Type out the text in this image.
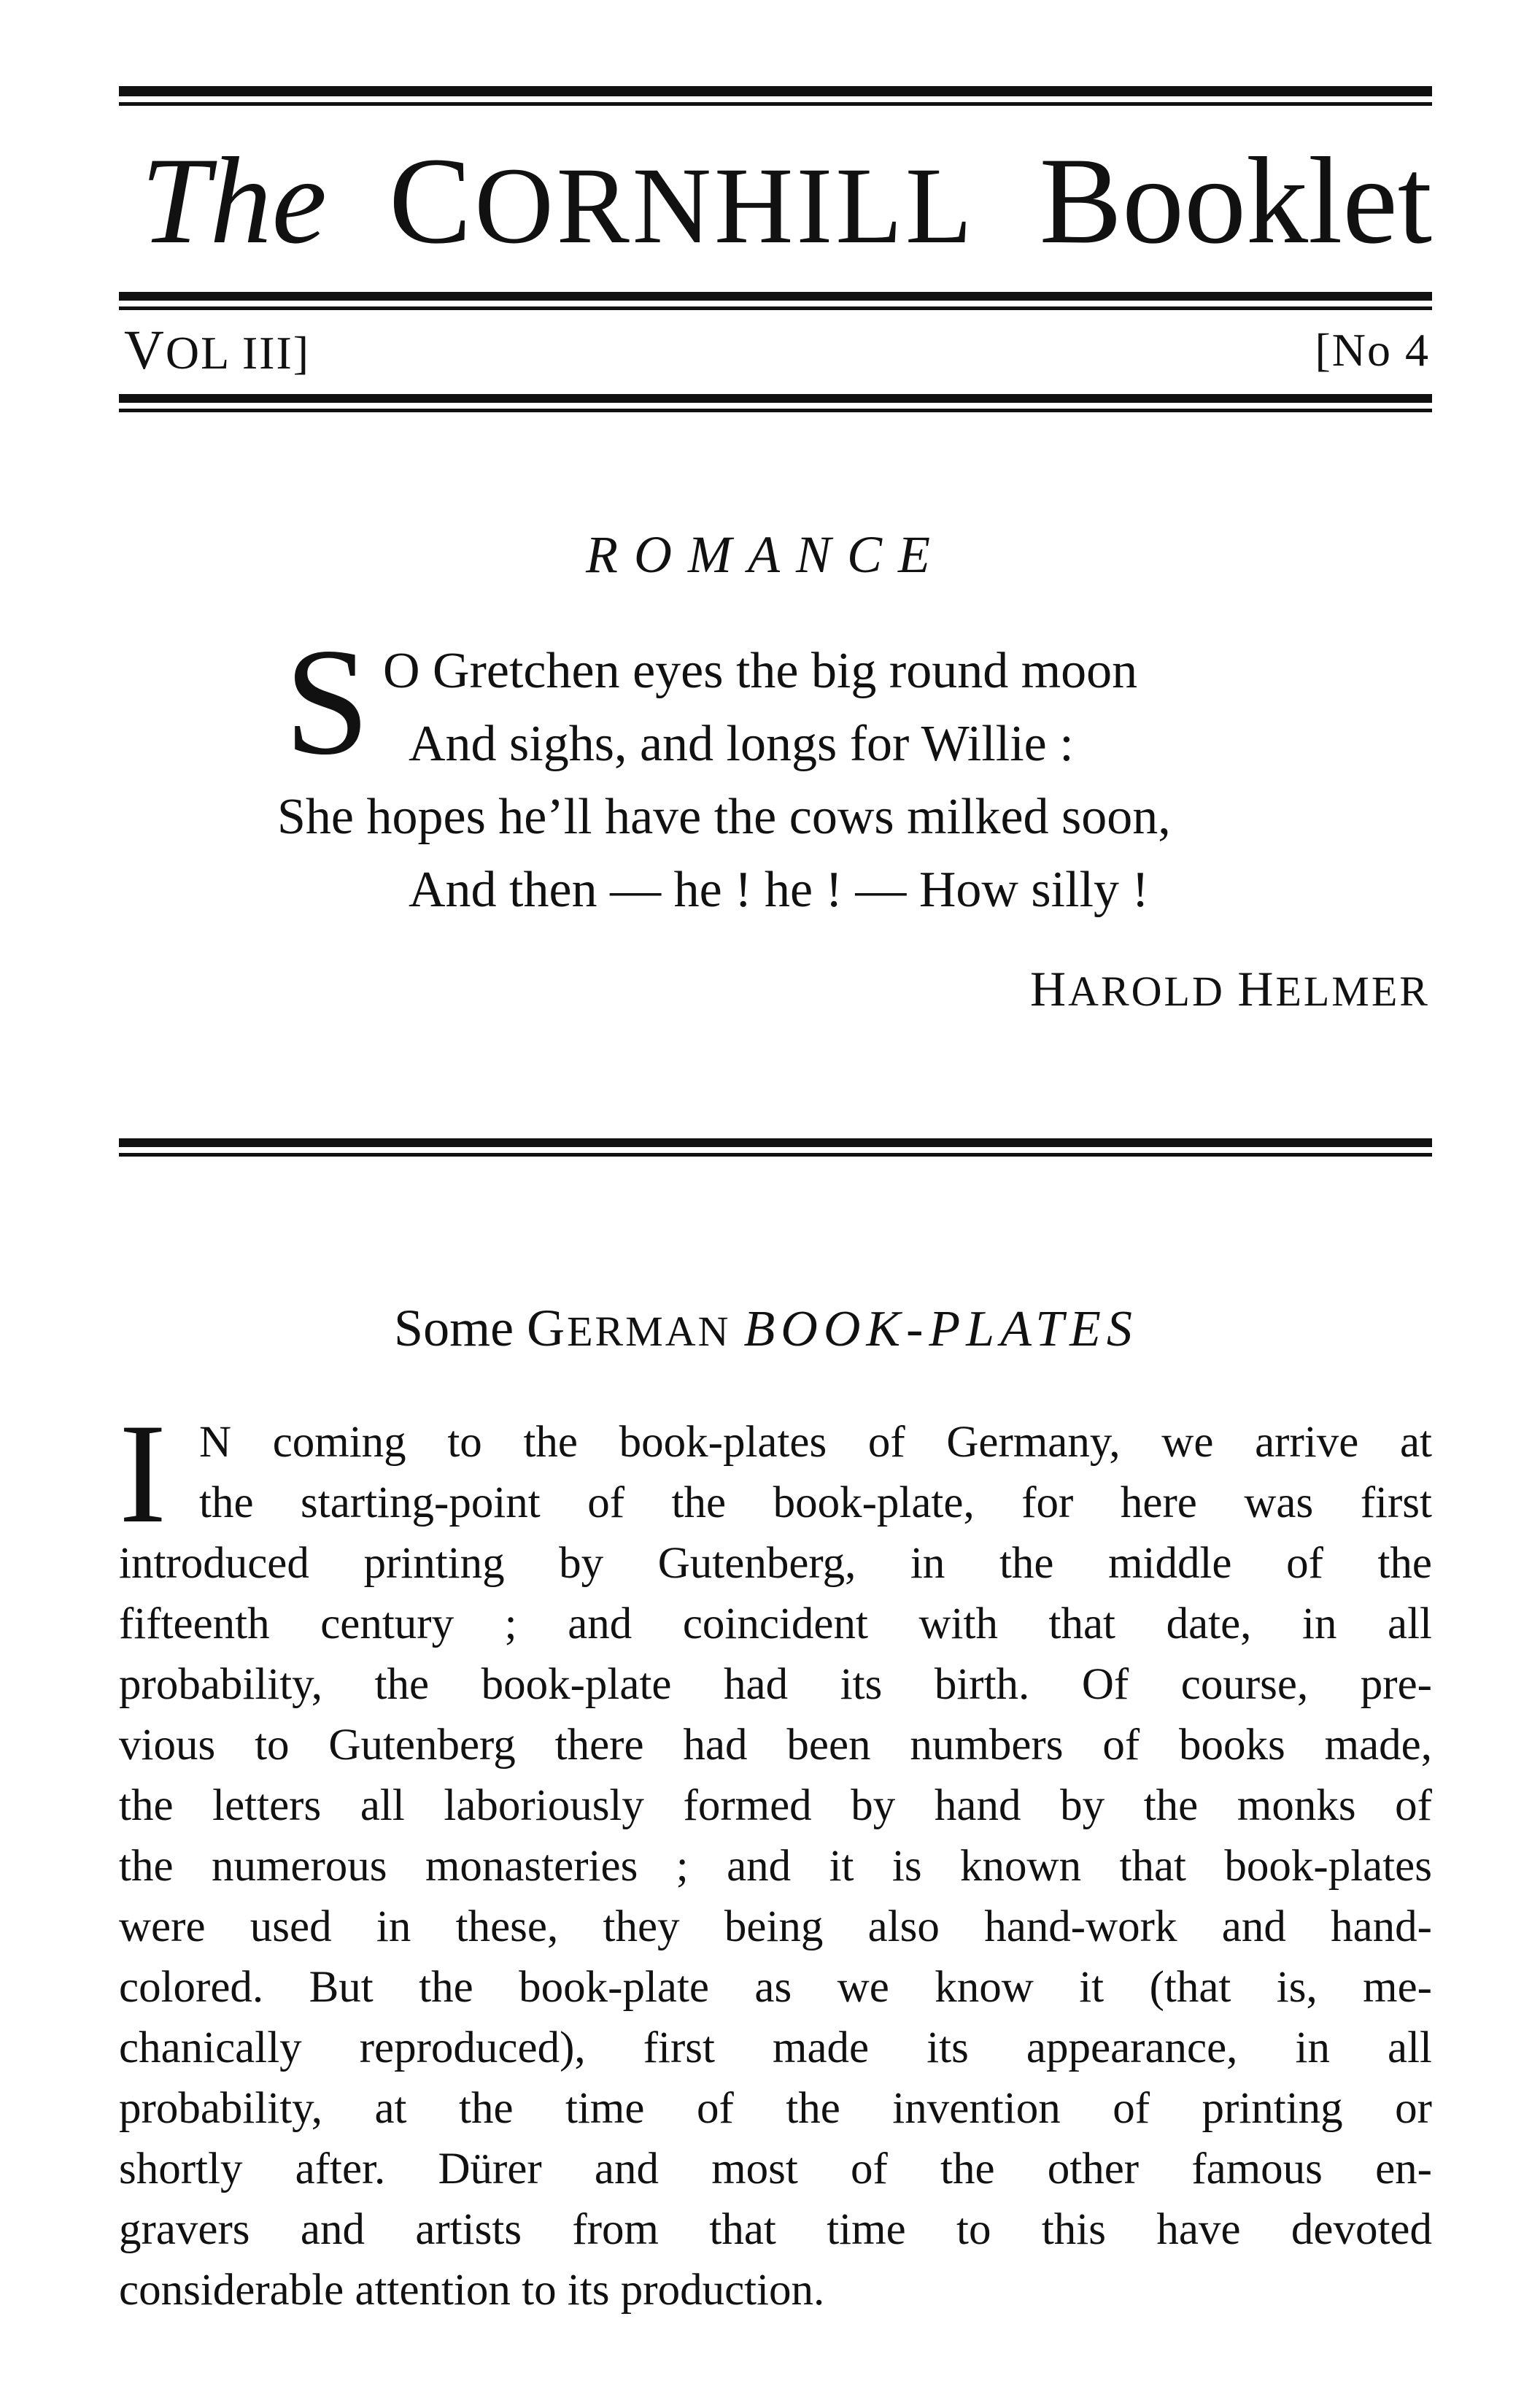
The CORNHILL Booklet
VOL III]	[No 4
ROMANCE
S O Gretchen eyes the big round moon
And sighs, and longs for Willie :
She hopes he’ll have the cows milked soon,
And then — he ! he ! — How silly !
HAROLD HELMER
Some GERMAN BOOK-PLATES
I N coming to the book-plates of Germany, we arrive at
the starting-point of the book-plate, for here was first
introduced printing by Gutenberg, in the middle of the
fifteenth century ; and coincident with that date, in all
probability, the book-plate had its birth. Of course, pre-
vious to Gutenberg there had been numbers of books made,
the letters all laboriously formed by hand by the monks of
the numerous monasteries ; and it is known that book-plates
were used in these, they being also hand-work and hand-
colored. But the book-plate as we know it (that is, me-
chanically reproduced), first made its appearance, in all
probability, at the time of the invention of printing or
shortly after. Dürer and most of the other famous en-
gravers and artists from that time to this have devoted
considerable attention to its production.
